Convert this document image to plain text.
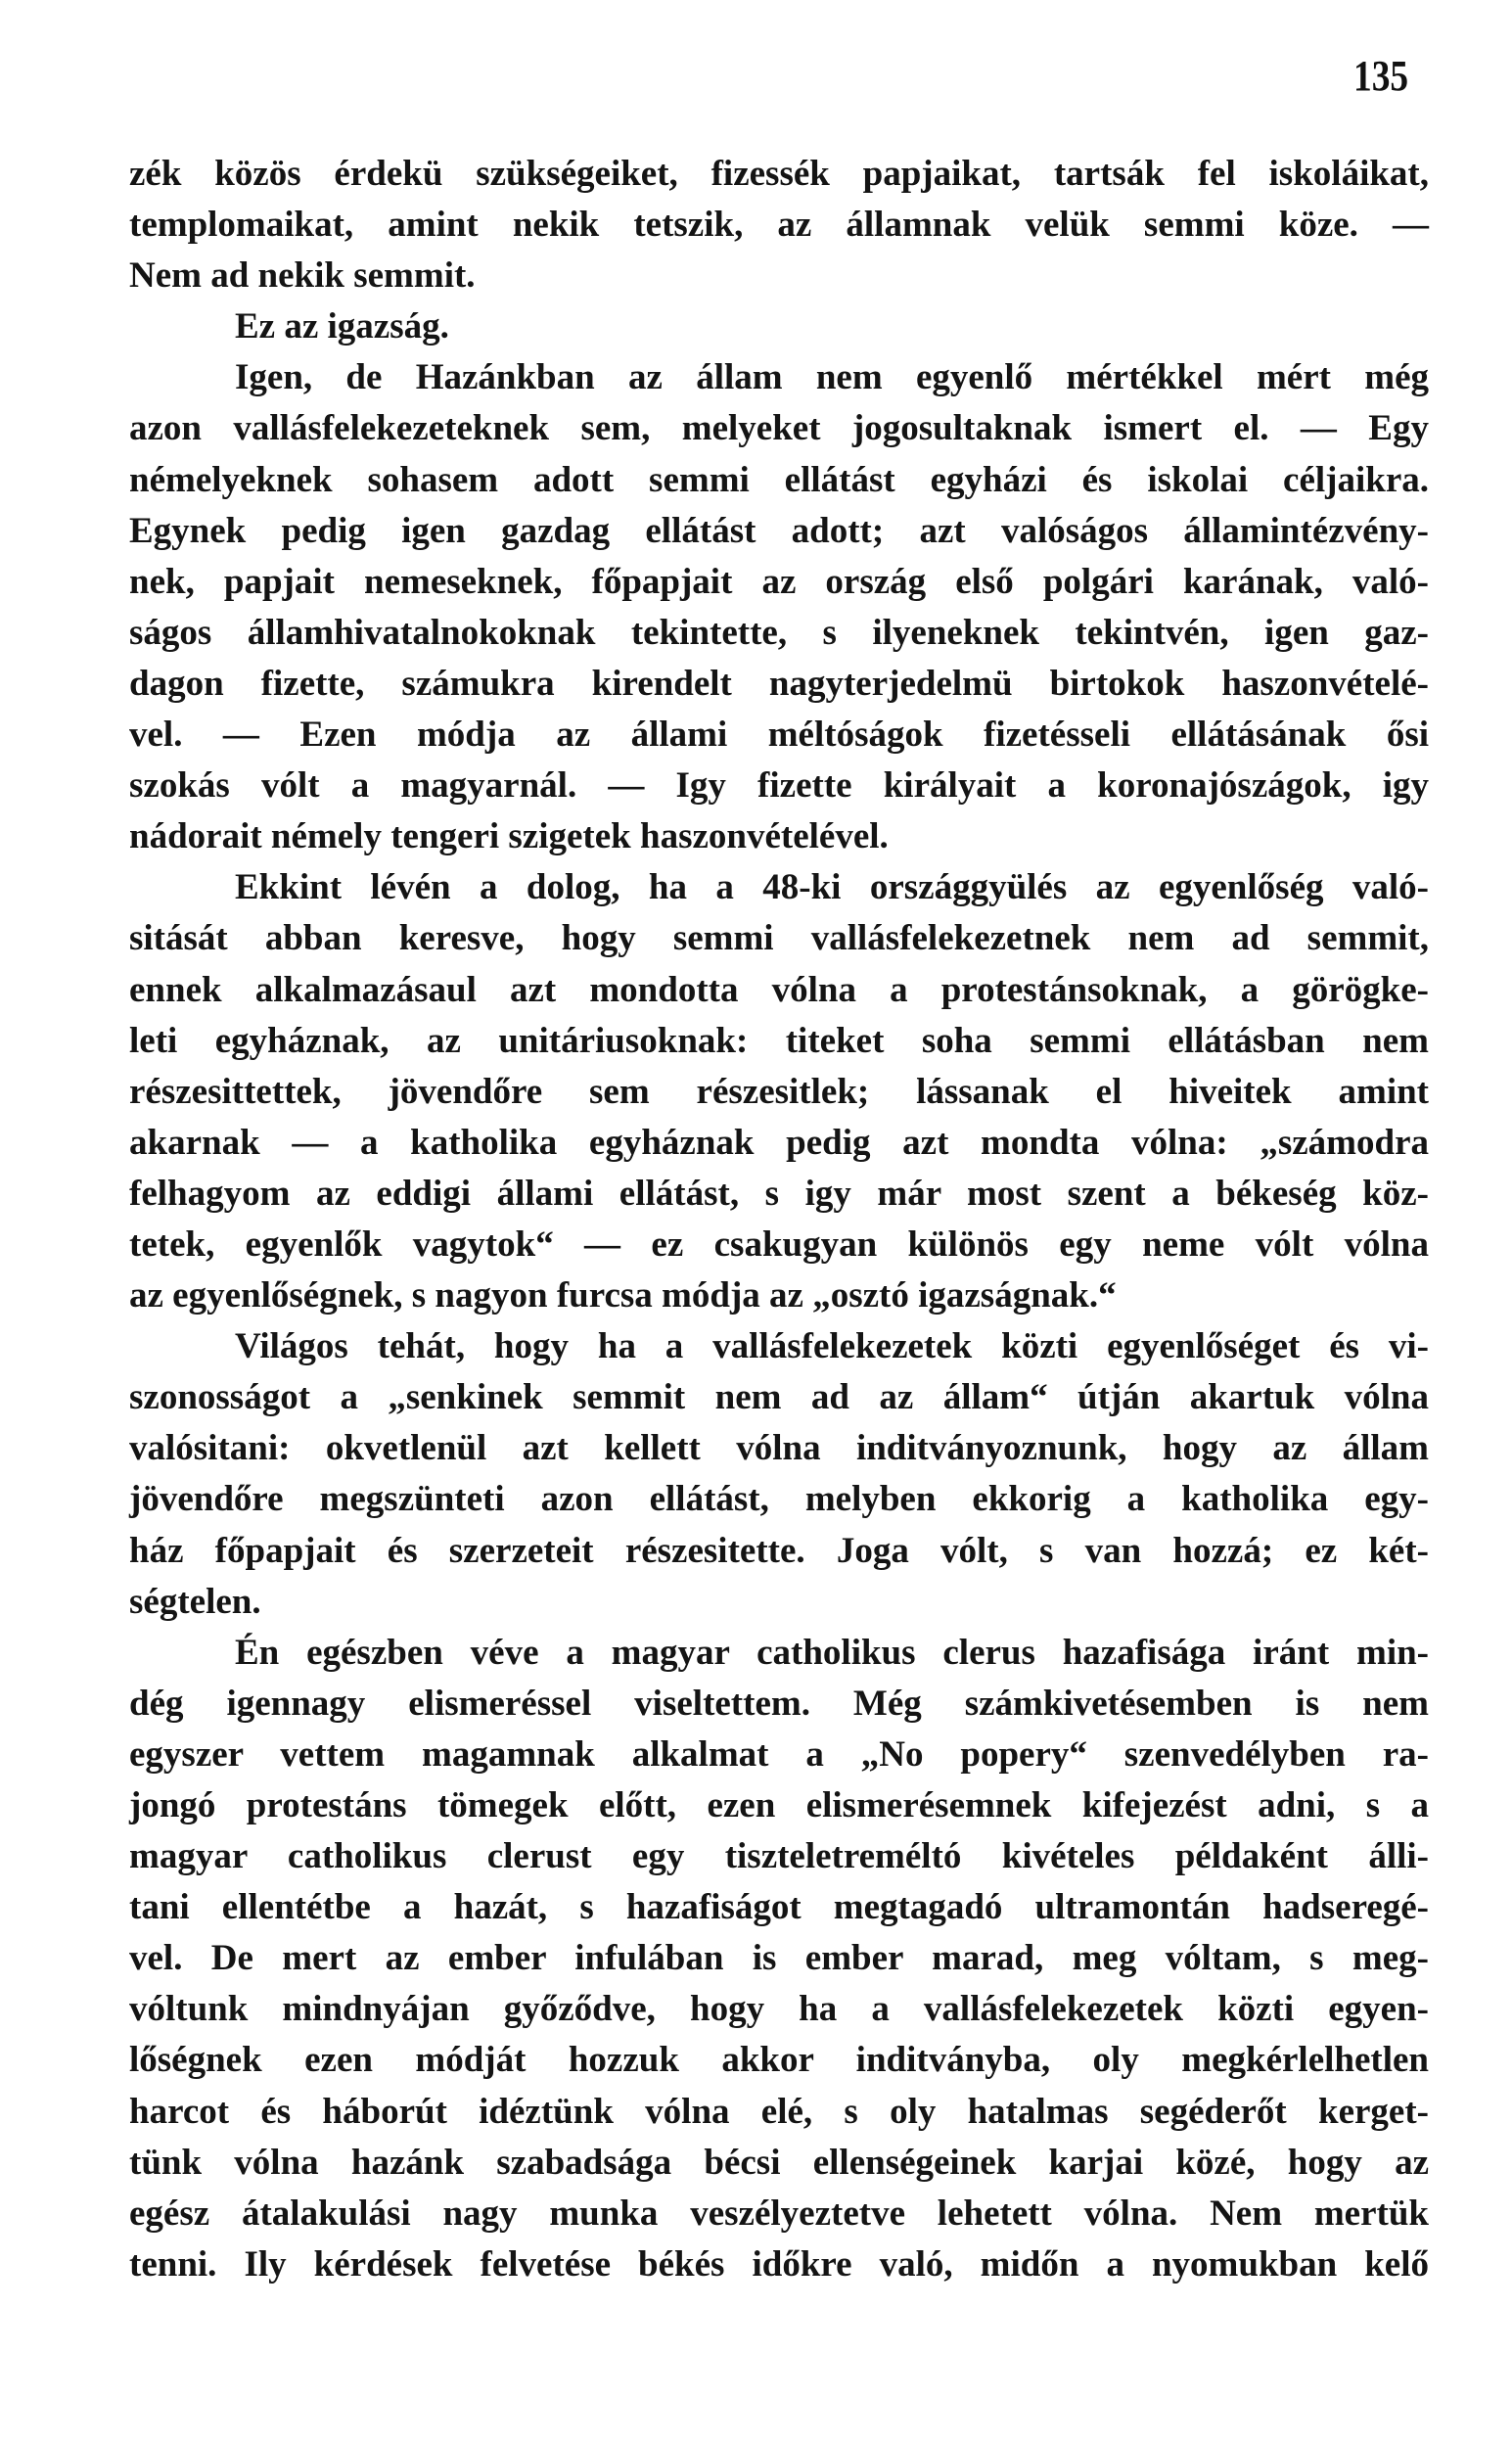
135
zék közös érdekü szükségeiket, fizessék papjaikat, tartsák fel iskoláikat,
templomaikat, amint nekik tetszik, az államnak velük semmi köze. —
Nem ad nekik semmit.
Ez az igazság.
Igen, de Hazánkban az állam nem egyenlő mértékkel mért még
azon vallásfelekezeteknek sem, melyeket jogosultaknak ismert el. — Egy
némelyeknek sohasem adott semmi ellátást egyházi és iskolai céljaikra.
Egynek pedig igen gazdag ellátást adott; azt valóságos államintézvény-
nek, papjait nemeseknek, főpapjait az ország első polgári karának, való-
ságos államhivatalnokoknak tekintette, s ilyeneknek tekintvén, igen gaz-
dagon fizette, számukra kirendelt nagyterjedelmü birtokok haszonvételé-
vel. — Ezen módja az állami méltóságok fizetésseli ellátásának ősi
szokás vólt a magyarnál. — Igy fizette királyait a koronajószágok, igy
nádorait némely tengeri szigetek haszonvételével.
Ekkint lévén a dolog, ha a 48-ki országgyülés az egyenlőség való-
sitását abban keresve, hogy semmi vallásfelekezetnek nem ad semmit,
ennek alkalmazásaul azt mondotta vólna a protestánsoknak, a görögke-
leti egyháznak, az unitáriusoknak: titeket soha semmi ellátásban nem
részesittettek, jövendőre sem részesitlek; lássanak el hiveitek amint
akarnak — a katholika egyháznak pedig azt mondta vólna: „számodra
felhagyom az eddigi állami ellátást, s igy már most szent a békeség köz-
tetek, egyenlők vagytok“ — ez csakugyan különös egy neme vólt vólna
az egyenlőségnek, s nagyon furcsa módja az „osztó igazságnak.“
Világos tehát, hogy ha a vallásfelekezetek közti egyenlőséget és vi-
szonosságot a „senkinek semmit nem ad az állam“ útján akartuk vólna
valósitani: okvetlenül azt kellett vólna inditványoznunk, hogy az állam
jövendőre megszünteti azon ellátást, melyben ekkorig a katholika egy-
ház főpapjait és szerzeteit részesitette. Joga vólt, s van hozzá; ez két-
ségtelen.
Én egészben véve a magyar catholikus clerus hazafisága iránt min-
dég igennagy elismeréssel viseltettem. Még számkivetésemben is nem
egyszer vettem magamnak alkalmat a „No popery“ szenvedélyben ra-
jongó protestáns tömegek előtt, ezen elismerésemnek kifejezést adni, s a
magyar catholikus clerust egy tiszteletreméltó kivételes példaként álli-
tani ellentétbe a hazát, s hazafiságot megtagadó ultramontán hadseregé-
vel. De mert az ember infulában is ember marad, meg vóltam, s meg-
vóltunk mindnyájan győződve, hogy ha a vallásfelekezetek közti egyen-
lőségnek ezen módját hozzuk akkor inditványba, oly megkérlelhetlen
harcot és háborút idéztünk vólna elé, s oly hatalmas segéderőt kerget-
tünk vólna hazánk szabadsága bécsi ellenségeinek karjai közé, hogy az
egész átalakulási nagy munka veszélyeztetve lehetett vólna. Nem mertük
tenni. Ily kérdések felvetése békés időkre való, midőn a nyomukban kelő
